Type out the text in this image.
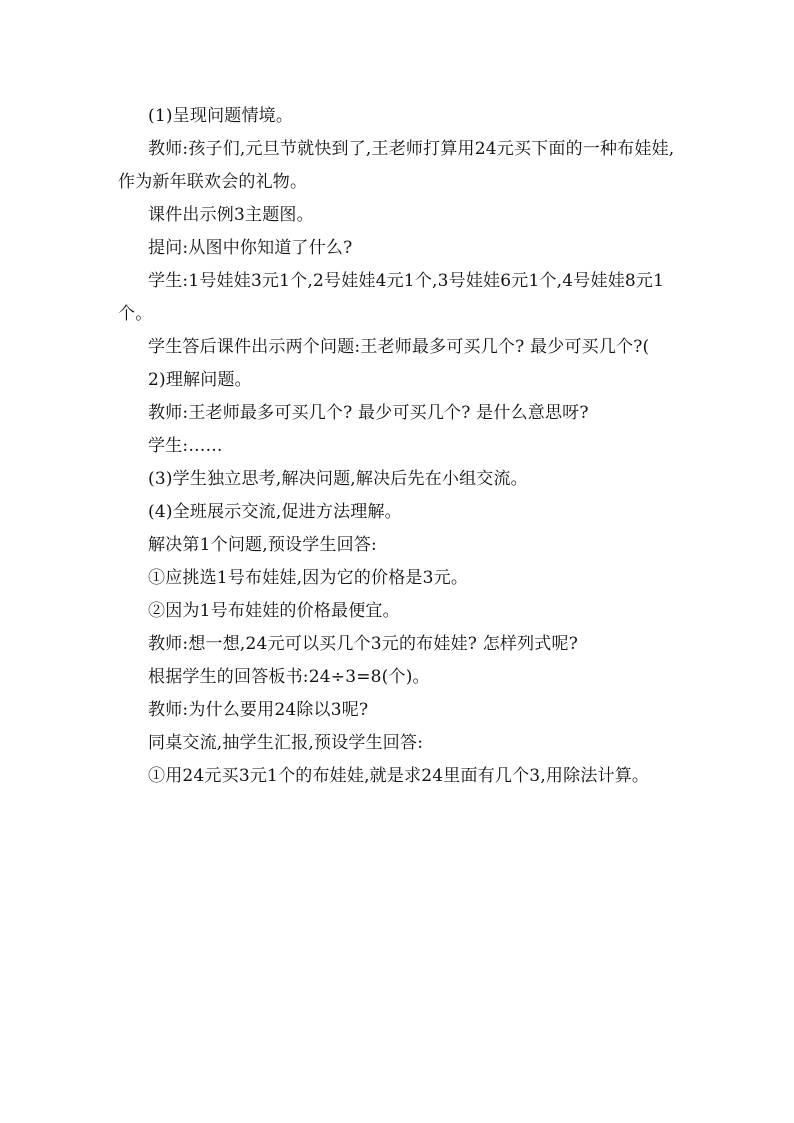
(1)呈现问题情境。

教师:孩子们,元旦节就快到了,王老师打算用24元买下面的一种布娃娃,作为新年联欢会的礼物。

课件出示例3主题图。

提问:从图中你知道了什么?

学生:1号娃娃3元1个,2号娃娃4元1个,3号娃娃6元1个,4号娃娃8元1个。

学生答后课件出示两个问题:王老师最多可买几个? 最少可买几个?(

2)理解问题。

教师:王老师最多可买几个? 最少可买几个? 是什么意思呀?

学生:……

(3)学生独立思考,解决问题,解决后先在小组交流。

(4)全班展示交流,促进方法理解。

解决第1个问题,预设学生回答:

①应挑选1号布娃娃,因为它的价格是3元。

②因为1号布娃娃的价格最便宜。

教师:想一想,24元可以买几个3元的布娃娃? 怎样列式呢?

根据学生的回答板书:24÷3=8(个)。

教师:为什么要用24除以3呢?

同桌交流,抽学生汇报,预设学生回答:

①用24元买3元1个的布娃娃,就是求24里面有几个3,用除法计算。
